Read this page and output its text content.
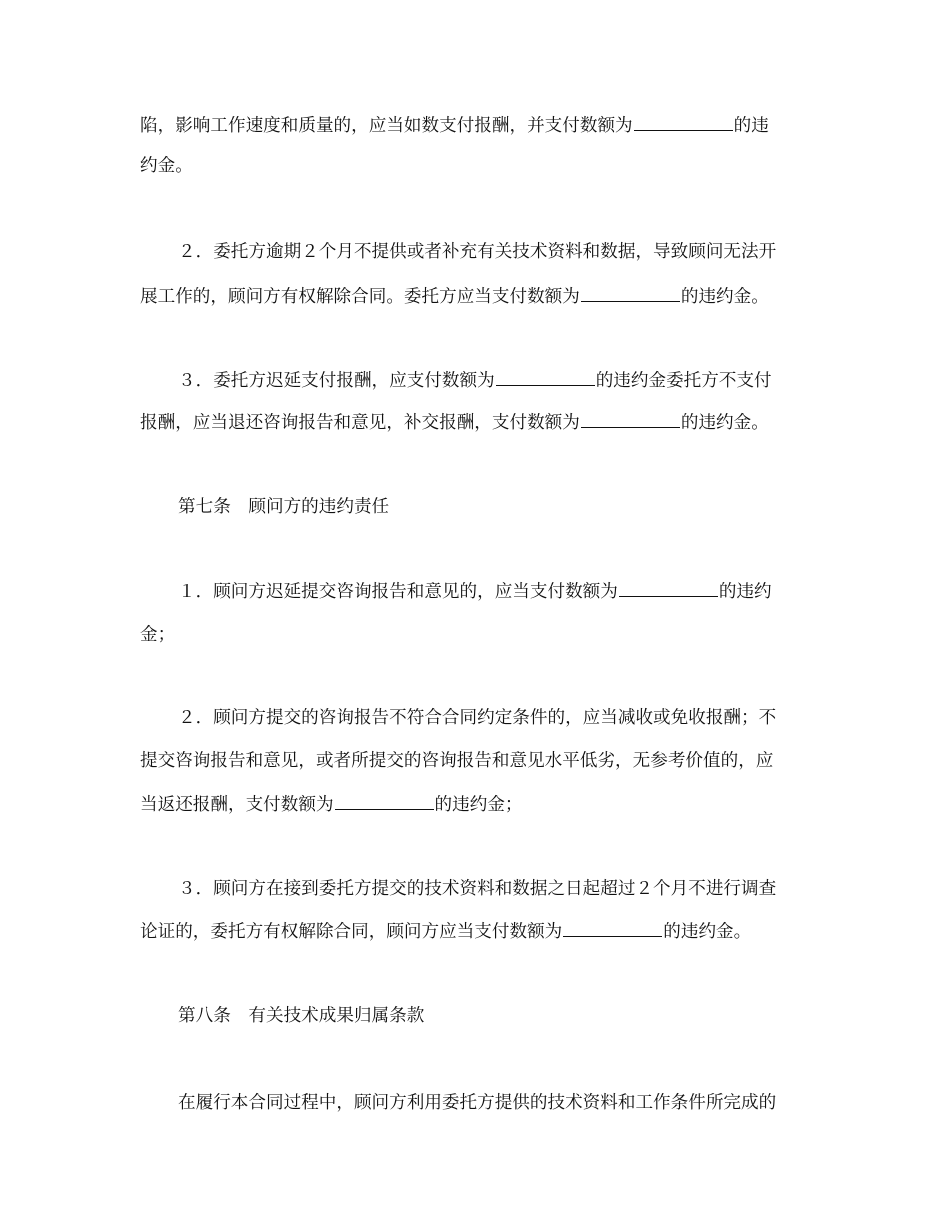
陷，影响工作速度和质量的，应当如数支付报酬，并支付数额为	的违
约金。
２．委托方逾期２个月不提供或者补充有关技术资料和数据，导致顾问无法开
展工作的，顾问方有权解除合同。委托方应当支付数额为	的违约金。
３．委托方迟延支付报酬，应支付数额为	的违约金委托方不支付
报酬，应当退还咨询报告和意见，补交报酬，支付数额为	的违约金。
第七条　顾问方的违约责任
１．顾问方迟延提交咨询报告和意见的，应当支付数额为	的违约
金；
２．顾问方提交的咨询报告不符合合同约定条件的，应当减收或免收报酬；不
提交咨询报告和意见，或者所提交的咨询报告和意见水平低劣，无参考价值的，应
当返还报酬，支付数额为	的违约金；
３．顾问方在接到委托方提交的技术资料和数据之日起超过２个月不进行调查
论证的，委托方有权解除合同，顾问方应当支付数额为	的违约金。
第八条　有关技术成果归属条款
在履行本合同过程中，顾问方利用委托方提供的技术资料和工作条件所完成的
